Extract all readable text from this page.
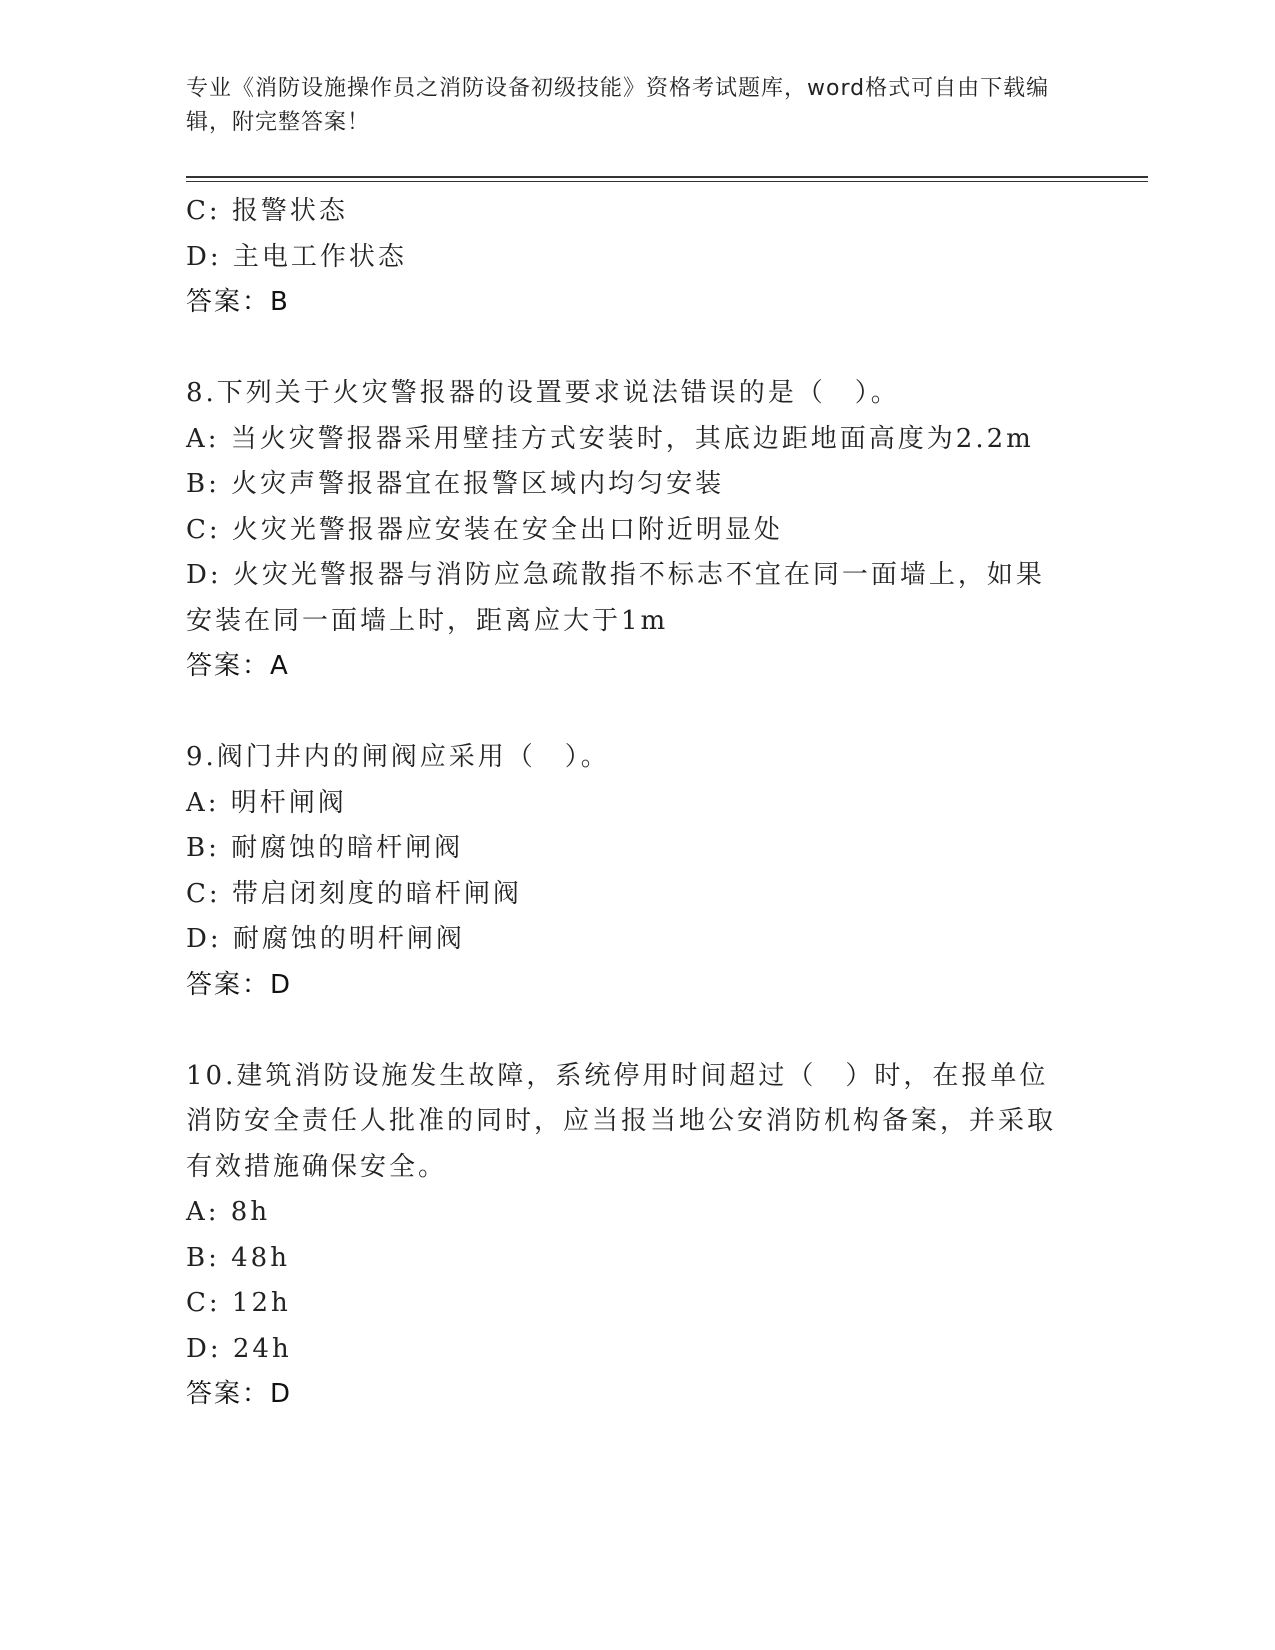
专业《消防设施操作员之消防设备初级技能》资格考试题库，word格式可自由下载编辑，附完整答案！
C: 报警状态
D: 主电工作状态
答案：B
8.下列关于火灾警报器的设置要求说法错误的是（　）。
A: 当火灾警报器采用壁挂方式安装时，其底边距地面高度为2.2m
B: 火灾声警报器宜在报警区域内均匀安装
C: 火灾光警报器应安装在安全出口附近明显处
D: 火灾光警报器与消防应急疏散指不标志不宜在同一面墙上，如果安装在同一面墙上时，距离应大于1m
答案：A
9.阀门井内的闸阀应采用（　）。
A: 明杆闸阀
B: 耐腐蚀的暗杆闸阀
C: 带启闭刻度的暗杆闸阀
D: 耐腐蚀的明杆闸阀
答案：D
10.建筑消防设施发生故障，系统停用时间超过（　）时，在报单位消防安全责任人批准的同时，应当报当地公安消防机构备案，并采取有效措施确保安全。
A: 8h
B: 48h
C: 12h
D: 24h
答案：D
